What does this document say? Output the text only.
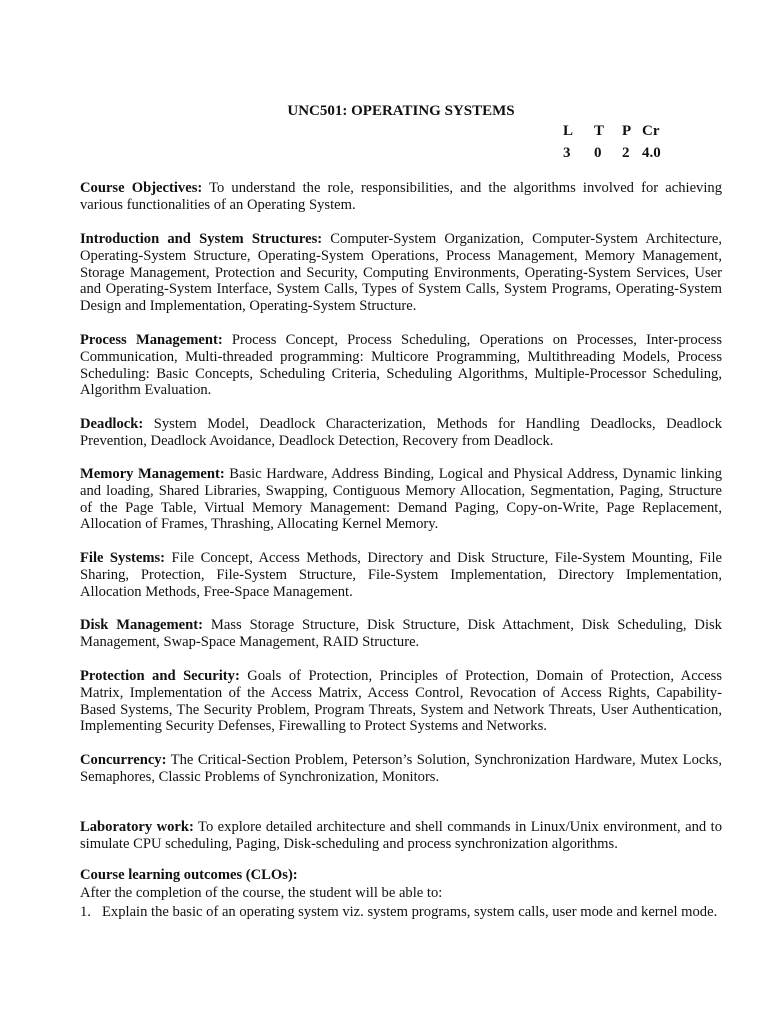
UNC501: OPERATING SYSTEMS
L	T	P Cr
3	0	2 4.0
Course Objectives: To understand the role, responsibilities, and the algorithms involved for achieving various functionalities of an Operating System.
Introduction and System Structures: Computer-System Organization, Computer-System Architecture, Operating-System Structure, Operating-System Operations, Process Management, Memory Management, Storage Management, Protection and Security, Computing Environments, Operating-System Services, User and Operating-System Interface, System Calls, Types of System Calls, System Programs, Operating-System Design and Implementation, Operating-System Structure.
Process Management: Process Concept, Process Scheduling, Operations on Processes, Inter-process Communication, Multi-threaded programming: Multicore Programming, Multithreading Models, Process Scheduling: Basic Concepts, Scheduling Criteria, Scheduling Algorithms, Multiple-Processor Scheduling, Algorithm Evaluation.
Deadlock: System Model, Deadlock Characterization, Methods for Handling Deadlocks, Deadlock Prevention, Deadlock Avoidance, Deadlock Detection, Recovery from Deadlock.
Memory Management: Basic Hardware, Address Binding, Logical and Physical Address, Dynamic linking and loading, Shared Libraries, Swapping, Contiguous Memory Allocation, Segmentation, Paging, Structure of the Page Table, Virtual Memory Management: Demand Paging, Copy-on-Write, Page Replacement, Allocation of Frames, Thrashing, Allocating Kernel Memory.
File Systems: File Concept, Access Methods, Directory and Disk Structure, File-System Mounting, File Sharing, Protection, File-System Structure, File-System Implementation, Directory Implementation, Allocation Methods, Free-Space Management.
Disk Management: Mass Storage Structure, Disk Structure, Disk Attachment, Disk Scheduling, Disk Management, Swap-Space Management, RAID Structure.
Protection and Security: Goals of Protection, Principles of Protection, Domain of Protection, Access Matrix, Implementation of the Access Matrix, Access Control, Revocation of Access Rights, Capability-Based Systems, The Security Problem, Program Threats, System and Network Threats, User Authentication, Implementing Security Defenses, Firewalling to Protect Systems and Networks.
Concurrency: The Critical-Section Problem, Peterson’s Solution, Synchronization Hardware, Mutex Locks, Semaphores, Classic Problems of Synchronization, Monitors.
Laboratory work: To explore detailed architecture and shell commands in Linux/Unix environment, and to simulate CPU scheduling, Paging, Disk-scheduling and process synchronization algorithms.
Course learning outcomes (CLOs):
After the completion of the course, the student will be able to:
1. Explain the basic of an operating system viz. system programs, system calls, user mode and kernel mode.
